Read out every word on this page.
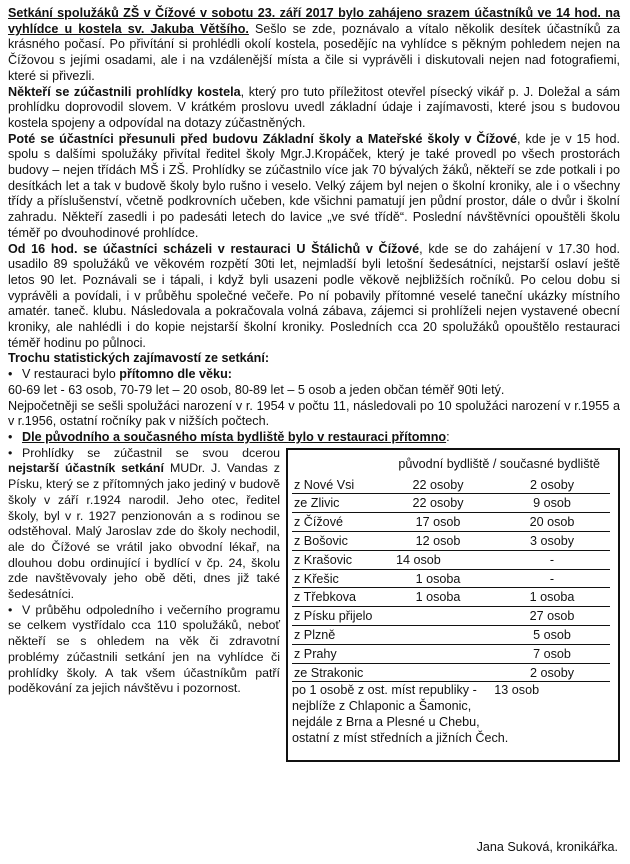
Setkání spolužáků ZŠ v Čížové v sobotu 23. září 2017 bylo zahájeno srazem účastníků ve 14 hod. na vyhlídce u kostela sv. Jakuba Většího. Sešlo se zde, poznávalo a vítalo několik desítek účastníků za krásného počasí. Po přivítání si prohlédli okolí kostela, posedějíc na vyhlídce s pěkným pohledem nejen na Čížovou s jejími osadami, ale i na vzdálenější místa a čile si vyprávěli i diskutovali nejen nad fotografiemi, které si přivezli.

Někteří se zúčastnili prohlídky kostela, který pro tuto příležitost otevřel písecký vikář p. J. Doležal a sám prohlídku doprovodil slovem. V krátkém proslovu uvedl základní údaje i zajímavosti, které jsou s budovou kostela spojeny a odpovídal na dotazy zúčastněných.

Poté se účastníci přesunuli před budovu Základní školy a Mateřské školy v Čížové, kde je v 15 hod. spolu s dalšími spolužáky přivítal ředitel školy Mgr.J.Kropáček, který je také provedl po všech prostorách budovy – nejen třídách MŠ i ZŠ. Prohlídky se zúčastnilo více jak 70 bývalých žáků, někteří se zde potkali i po desítkách let a tak v budově školy bylo rušno i veselo. Velký zájem byl nejen o školní kroniky, ale i o všechny třídy a příslušenství, včetně podkrovních učeben, kde všichni pamatují jen půdní prostor, dále o dvůr i školní zahradu. Někteří zasedli i po padesáti letech do lavice „ve své třídě“. Poslední návštěvníci opouštěli školu téměř po dvouhodinové prohlídce.

Od 16 hod. se účastníci scházeli v restauraci U Štálichů v Čížové, kde se do zahájení v 17.30 hod. usadilo 89 spolužáků ve věkovém rozpětí 30ti let, nejmladší byli letošní šedesátníci, nejstarší oslaví ještě letos 90 let. Poznávali se i tápali, i když byli usazeni podle věkově nejbližších ročníků. Po celou dobu si vyprávěli a povídali, i v průběhu společné večeře. Po ní pobavily přítomné veselé taneční ukázky místního amatér. taneč. klubu. Následovala a pokračovala volná zábava, zájemci si prohlíželi nejen vystavené obecní kroniky, ale nahlédli i do kopie nejstarší školní kroniky. Posledních cca 20 spolužáků opouštělo restauraci téměř hodinu po půlnoci.

Trochu statistických zajímavostí ze setkání:

• V restauraci bylo přítomno dle věku:

60-69 let - 63 osob, 70-79 let – 20 osob, 80-89 let – 5 osob a jeden občan téměř 90ti letý.

Nejpočetněji se sešli spolužáci narození v r. 1954 v počtu 11, následovali po 10 spolužáci narození v r.1955 a v r.1956, ostatní ročníky pak v nižších počtech.

• Dle původního a současného místa bydliště bylo v restauraci přítomno:

• Prohlídky se zúčastnil se svou dcerou nejstarší účastník setkání MUDr. J. Vandas z Písku, který se z přítomných jako jediný v budově školy v září r.1924 narodil. Jeho otec, ředitel školy, byl v r. 1927 penzionován a s rodinou se odstěhoval. Malý Jaroslav zde do školy nechodil, ale do Čížové se vrátil jako obvodní lékař, na dlouhou dobu ordinující i bydlící v čp. 24, školu zde navštěvovaly jeho obě děti, dnes již také šedesátníci.

• V průběhu odpoledního i večerního programu se celkem vystřídalo cca 110 spolužáků, neboť někteří se s ohledem na věk či zdravotní problémy zúčastnili setkání jen na vyhlídce či prohlídky školy. A tak všem účastníkům patří poděkování za jejich návštěvu i pozornost.

původní bydliště / současné bydliště
z Nové Vsi	22 osoby	2 osoby
ze Zlivic	22 osoby	9 osob
z Čížové	17 osob	20 osob
z Bošovic	12 osob	3 osoby
z Krašovic	14 osob	-
z Křešic	1 osoba	-
z Třebkova	1 osoba	1 osoba
z Písku přijelo		27 osob
z Plzně		5 osob
z Prahy		7 osob
ze Strakonic		2 osoby
po 1 osobě z ost. míst republiky - 13 osob
nejblíže z Chlaponic a Šamonic,
nejdále z Brna a Plesné u Chebu,
ostatní z míst středních a jižních Čech.
Jana Suková, kronikářka.
